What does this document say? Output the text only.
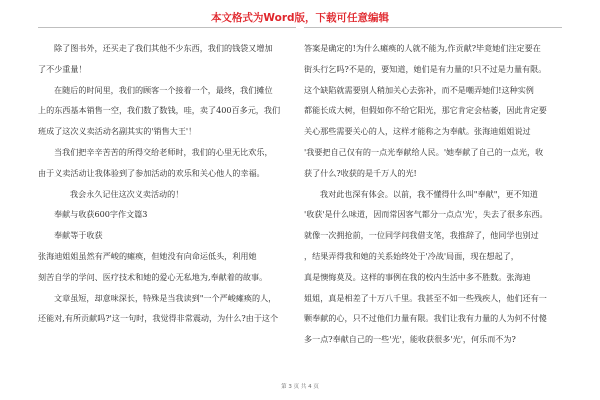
本文格式为Word版，下载可任意编辑
除了图书外，还买走了我们其他不少东西，我们的钱袋又增加
了不少重量！
在随后的时间里，我们的顾客一个接着一个，最终，我们摊位
上的东西基本销售一空，我们数了数钱，哇，卖了400百多元，我们
班成了这次义卖活动名副其实的'销售大王'！
当我们把辛辛苦苦的所得交给老师时，我们的心里无比欢乐，
由于义卖活动让我体验到了参加活动的欢乐和关心他人的幸福。
我会永久记住这次义卖活动的！
奉献与收获600字作文篇3
奉献等于收获
张海迪姐姐虽然有严峻的瘫痪，但她没有向命运低头，利用她
刻苦自学的学问、医疗技术和她的爱心无私地为,奉献着的故事。
文章虽短，却意味深长，特殊是当我读到"一个严峻瘫痪的人，
还能对,有所贡献吗?'这一句时，我觉得非常震动，为什么?由于这个
答案是确定的!为什么瘫痪的人就不能为,作贡献?毕竟她们注定要在
街头行乞吗?不是的，要知道，她们是有力量的!只不过是力量有限。
这个缺陷就需要别人稍加关心去弥补，而不是嘲弄她们!这种实例
都能长成大树，但假如你不给它阳光，那它肯定会枯萎，因此肯定要
关心那些需要关心的人，这样才能称之为奉献。张海迪姐姐说过
'我要把自己仅有的一点光奉献给人民。'她奉献了自己的一点光，收
获了什么?收获的是千万人的光!
我对此也深有体会。以前，我不懂得什么叫"奉献"，更不知道
'收获'是什么味道，因而常因客气都分一点点'光'，失去了很多东西。
就像一次拥抢前，一位同学问我借支笔，我推辞了，他同学也别过
，结果弄得我和她的关系始终处于'冷战'局面，现在想起了，
真是懊悔莫及。这样的事例在我的校内生活中多不胜数。张海迪
姐姐，真是相差了十万八千里。我甚至不如一些残疾人，他们还有一
颗奉献的心，只不过他们力量有限。我们让我有力量的人为何不付傻
多一点?奉献自己的一些'光'，能收获很多'光'，何乐而不为?
第 3 页 共 4 页
